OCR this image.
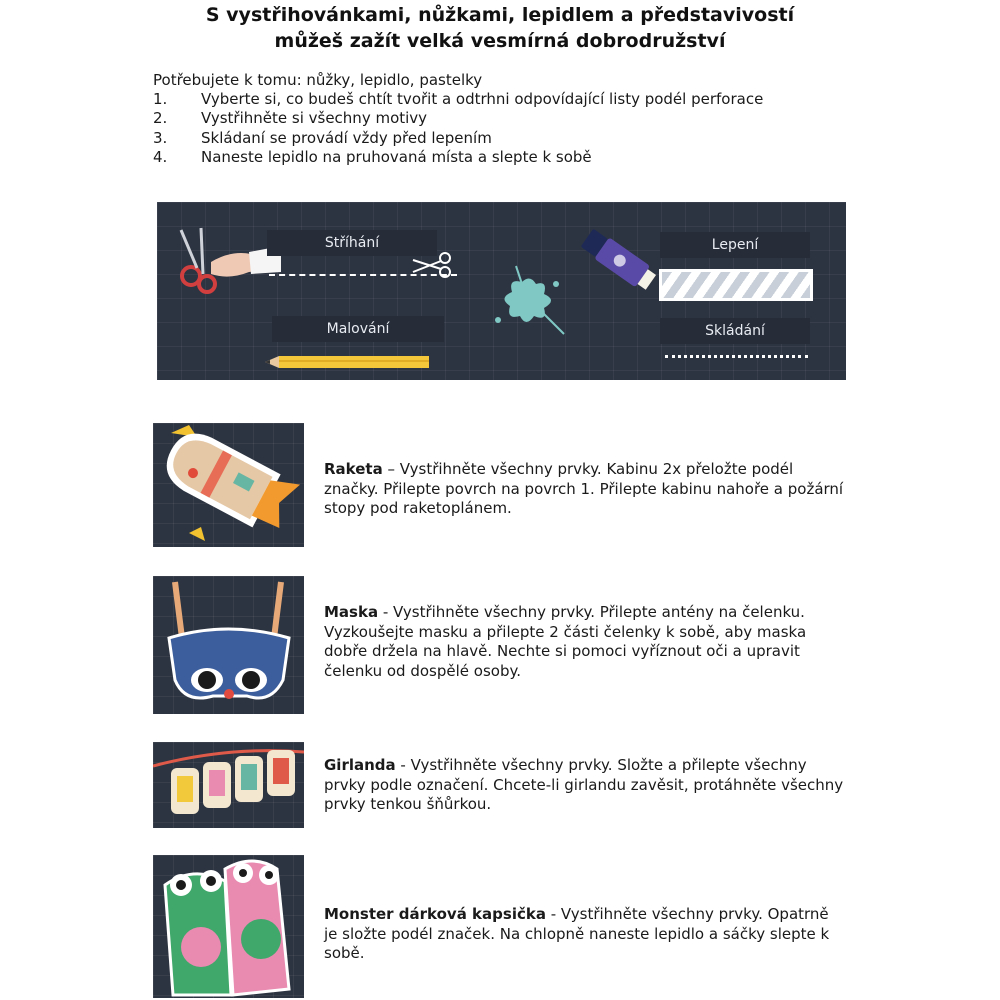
S vystřihovánkami, nůžkami, lepidlem a představivostí
můžeš zažít velká vesmírná dobrodružství
Potřebujete k tomu: nůžky, lepidlo, pastelky
1.	Vyberte si, co budeš chtít tvořit a odtrhni odpovídající listy podél perforace
2.	Vystřihněte si všechny motivy
3.	Skládaní se provádí vždy před lepením
4.	Naneste lepidlo na pruhovaná místa a slepte k sobě
Stříhání	Lepení
Malování	Skládání
Raketa – Vystřihněte všechny prvky. Kabinu 2x přeložte podél značky. Přilepte povrch na povrch 1. Přilepte kabinu nahoře a požární stopy pod raketoplánem.
Maska - Vystřihněte všechny prvky. Přilepte antény na čelenku. Vyzkoušejte masku a přilepte 2 části čelenky k sobě, aby maska dobře držela na hlavě. Nechte si pomoci vyříznout oči a upravit čelenku od dospělé osoby.
Girlanda - Vystřihněte všechny prvky. Složte a přilepte všechny prvky podle označení. Chcete-li girlandu zavěsit, protáhněte všechny prvky tenkou šňůrkou.
Monster dárková kapsička - Vystřihněte všechny prvky. Opatrně je složte podél značek. Na chlopně naneste lepidlo a sáčky slepte k sobě.
